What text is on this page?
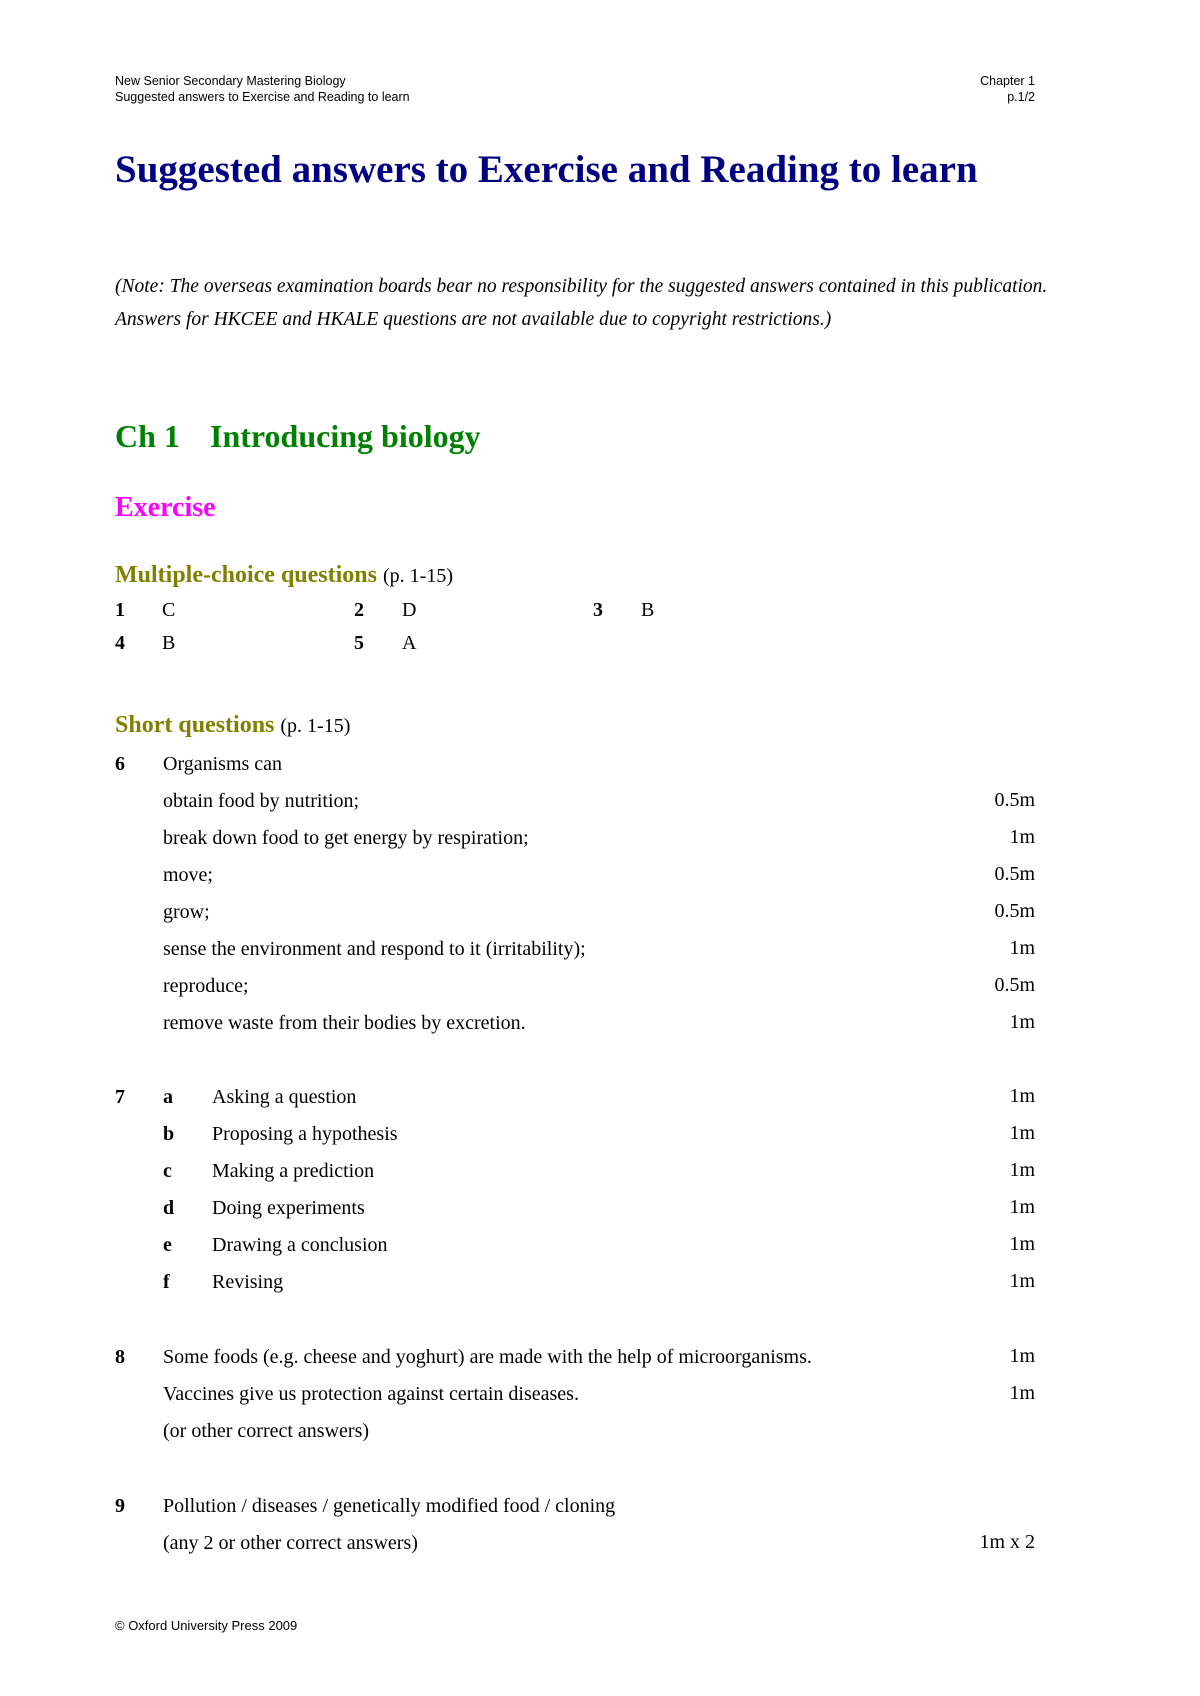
New Senior Secondary Mastering Biology
Suggested answers to Exercise and Reading to learn
Chapter 1
p.1/2
Suggested answers to Exercise and Reading to learn
(Note: The overseas examination boards bear no responsibility for the suggested answers contained in this publication. Answers for HKCEE and HKALE questions are not available due to copyright restrictions.)
Ch 1 Introducing biology
Exercise
Multiple-choice questions (p. 1-15)
1 C	2 D	3 B
4 B	5 A
Short questions (p. 1-15)
6 Organisms can
obtain food by nutrition;	0.5m
break down food to get energy by respiration;	1m
move;	0.5m
grow;	0.5m
sense the environment and respond to it (irritability);	1m
reproduce;	0.5m
remove waste from their bodies by excretion.	1m
7 a Asking a question	1m
b Proposing a hypothesis	1m
c Making a prediction	1m
d Doing experiments	1m
e Drawing a conclusion	1m
f Revising	1m
8 Some foods (e.g. cheese and yoghurt) are made with the help of microorganisms.	1m
Vaccines give us protection against certain diseases.	1m
(or other correct answers)
9 Pollution / diseases / genetically modified food / cloning
(any 2 or other correct answers)	1m x 2
© Oxford University Press 2009
